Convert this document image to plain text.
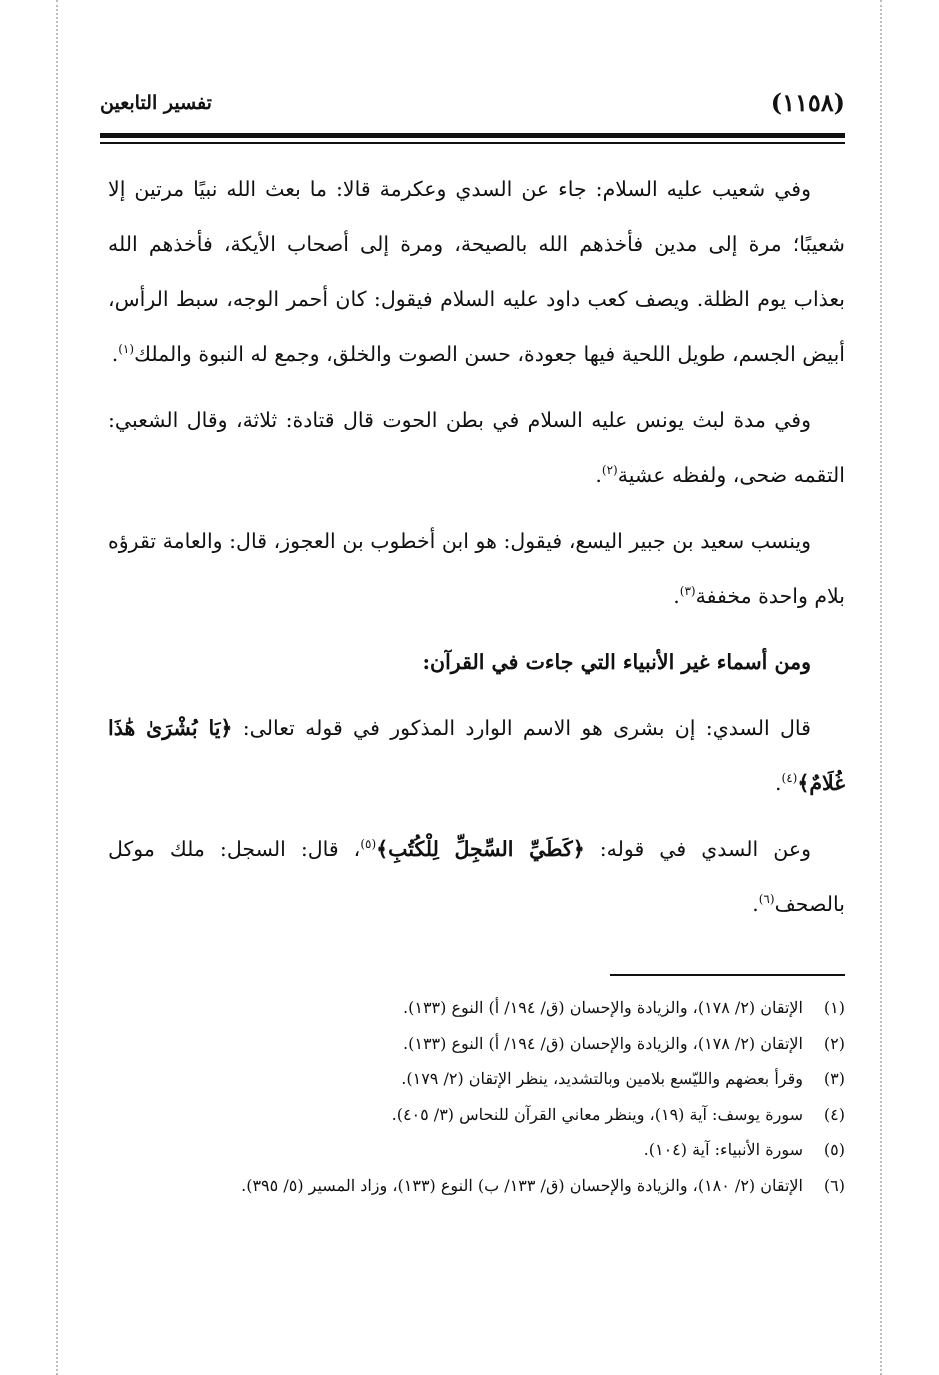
(١١٥٨)
تفسير التابعين

وفي شعيب عليه السلام: جاء عن السدي وعكرمة قالا: ما بعث الله نبيًا مرتين إلا شعيبًا؛ مرة إلى مدين فأخذهم الله بالصيحة، ومرة إلى أصحاب الأيكة، فأخذهم الله بعذاب يوم الظلة. ويصف كعب داود عليه السلام فيقول: كان أحمر الوجه، سبط الرأس، أبيض الجسم، طويل اللحية فيها جعودة، حسن الصوت والخلق، وجمع له النبوة والملك$^{(١)}$.

وفي مدة لبث يونس عليه السلام في بطن الحوت قال قتادة: ثلاثة، وقال الشعبي: التقمه ضحى، ولفظه عشية$^{(٢)}$.

وينسب سعيد بن جبير اليسع، فيقول: هو ابن أخطوب بن العجوز، قال: والعامة تقرؤه بلام واحدة مخففة$^{(٣)}$.

ومن أسماء غير الأنبياء التي جاءت في القرآن:

قال السدي: إن بشرى هو الاسم الوارد المذكور في قوله تعالى: ﴿يَا بُشْرَىٰ هَٰذَا غُلَامٌ﴾$^{(٤)}$.

وعن السدي في قوله: ﴿كَطَيِّ السِّجِلِّ لِلْكُتُبِ﴾$^{(٥)}$، قال: السجل: ملك موكل بالصحف$^{(٦)}$.

(١)
الإتقان (٢/ ١٧٨)، والزيادة والإحسان (ق/ ١٩٤/ أ) النوع (١٣٣).
(٢)
الإتقان (٢/ ١٧٨)، والزيادة والإحسان (ق/ ١٩٤/ أ) النوع (١٣٣).
(٣)
وقرأ بعضهم والليّسع بلامين وبالتشديد، ينظر الإتقان (٢/ ١٧٩).
(٤)
سورة يوسف: آية (١٩)، وينظر معاني القرآن للنحاس (٣/ ٤٠٥).
(٥)
سورة الأنبياء: آية (١٠٤).
(٦)
الإتقان (٢/ ١٨٠)، والزيادة والإحسان (ق/ ١٣٣/ ب) النوع (١٣٣)، وزاد المسير (٥/ ٣٩٥).
